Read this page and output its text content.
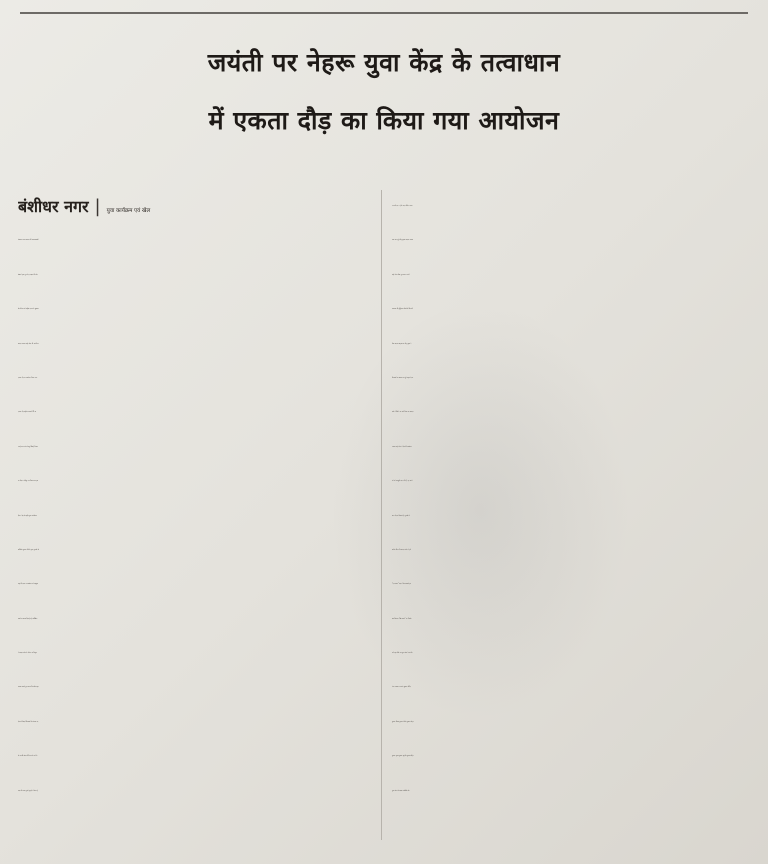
जयंती पर नेहरू युवा केंद्र के तत्वाधान
में एकता दौड़ का किया गया आयोजन
बंशीधर नगर | युवा कार्यक्रम एवं खेल
मंत्रालय भारत सरकार की स्वायत्तशासी
संस्था नेहरू युवा केन्द्र गढ़वा की ओर
से शनिवार को राष्ट्रीय एकता के सूत्रधार
सरदार वल्लभ भाई पटेल की जयंती पर
एकता दौड़ का आयोजन किया गया।
एकता दौड़ राष्ट्रीय राजमार्ग 75 पर
पाल्हे कला गांव से लघु सिंचाई विभाग
का मैदान जंगीपुर तक किया गया। इस
दौरान केंद्र के राष्ट्रीय युवा स्वयंसेवक
अभिषेक कुमार चौबे के द्वारा युवाओं को
राष्ट्र की एकता व अखंडता को अक्षुण्ण
रखने का शपथ दिलाई गई। अभिषेक
ने सरदार पटेल के जीवन पर विस्तृत
प्रकाश डालते हुए बताया कि अंग्रेज इस
देश को सैकड़ों रियासतों मे बांटकर गए
थे। उनकी मंशा थी कि उनके जाने के
बाद भी भारत टुकड़े -टुकड़े में बंटा रहे
व कभी एक न होने पाए। लेकिन भारत
माता धन्य हुई लौह पुरूष सरदार वल्लभ
भाई पटेल जैसा पुत्र पाकर। उनमें
चाणक्य की बुद्धिमत्ता और वीर शिवाजी
जैसा अदम्य साहस था। लौह पुरुष ने
रियासतों का खात्मा कर पूरे राष्ट्र को एक
धागे में पिरोने का कार्य किया था। सरदार
वल्लभ भाई पटेल ने देश की अखंडता
को जो मजबूती प्रदान की है, वह अपने
आप में एक मिसाल है। युवाओं से
अपील किया कि सरदार पटेल ने हमें
"एक भारत" प्रदान किया-आओ हम
सब मिलकर "श्रेष्ठ भारत" का निर्माण
करें। इस मौके पर युवा मंडल के राजीव
रंजन पासवान, आनंद शुक्ल, गोविंद
कुमार, रिषभ कुमार, रंजीत कुमार, सोहन
कुमार, कृष्ण कुमार, सुजीत कुमार सहित
युवा मंडल के सदस्य उपस्थित थे।
